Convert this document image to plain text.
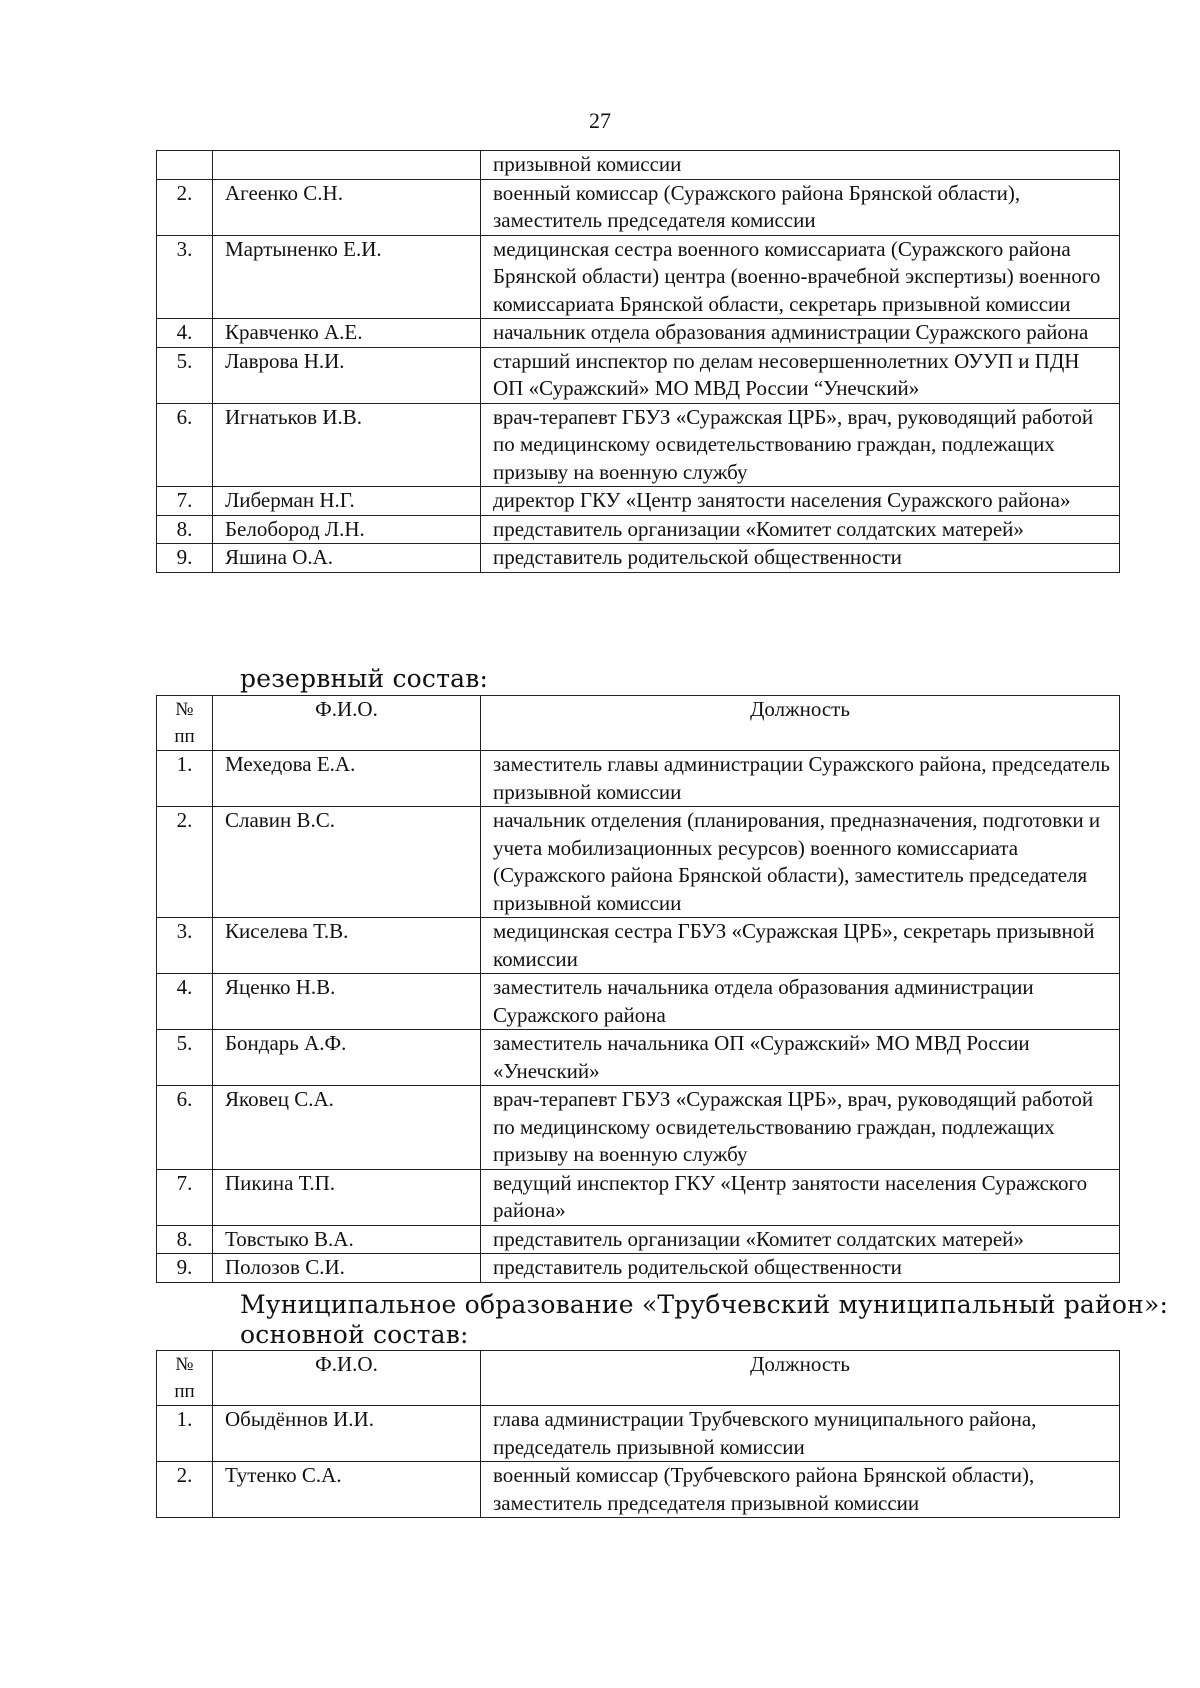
27
		призывной комиссии
2.	Агеенко С.Н.	военный комиссар (Суражского района Брянской области), заместитель председателя комиссии
3.	Мартыненко Е.И.	медицинская сестра военного комиссариата (Суражского района Брянской области) центра (военно-врачебной экспертизы) военного комиссариата Брянской области, секретарь призывной комиссии
4.	Кравченко А.Е.	начальник отдела образования администрации Суражского района
5.	Лаврова Н.И.	старший инспектор по делам несовершеннолетних ОУУП и ПДН ОП «Суражский» МО МВД России “Унечский»
6.	Игнатьков И.В.	врач-терапевт ГБУЗ «Суражская ЦРБ», врач, руководящий работой по медицинскому освидетельствованию граждан, подлежащих призыву на военную службу
7.	Либерман Н.Г.	директор ГКУ «Центр занятости населения Суражского района»
8.	Белобород Л.Н.	представитель организации «Комитет солдатских матерей»
9.	Яшина О.А.	представитель родительской общественности
резервный состав:
№ пп	Ф.И.О.	Должность
1.	Мехедова Е.А.	заместитель главы администрации Суражского района, председатель призывной комиссии
2.	Славин В.С.	начальник отделения (планирования, предназначения, подготовки и учета мобилизационных ресурсов) военного комиссариата (Суражского района Брянской области), заместитель председателя призывной комиссии
3.	Киселева Т.В.	медицинская сестра ГБУЗ «Суражская ЦРБ», секретарь призывной комиссии
4.	Яценко Н.В.	заместитель начальника отдела образования администрации Суражского района
5.	Бондарь А.Ф.	заместитель начальника ОП «Суражский» МО МВД России «Унечский»
6.	Яковец С.А.	врач-терапевт ГБУЗ «Суражская ЦРБ», врач, руководящий работой по медицинскому освидетельствованию граждан, подлежащих призыву на военную службу
7.	Пикина Т.П.	ведущий инспектор ГКУ «Центр занятости населения Суражского района»
8.	Товстыко В.А.	представитель организации «Комитет солдатских матерей»
9.	Полозов С.И.	представитель родительской общественности
Муниципальное образование «Трубчевский муниципальный район»:
основной состав:
№ пп	Ф.И.О.	Должность
1.	Обыдённов И.И.	глава администрации Трубчевского муниципального района, председатель призывной комиссии
2.	Тутенко С.А.	военный комиссар (Трубчевского района Брянской области), заместитель председателя призывной комиссии
